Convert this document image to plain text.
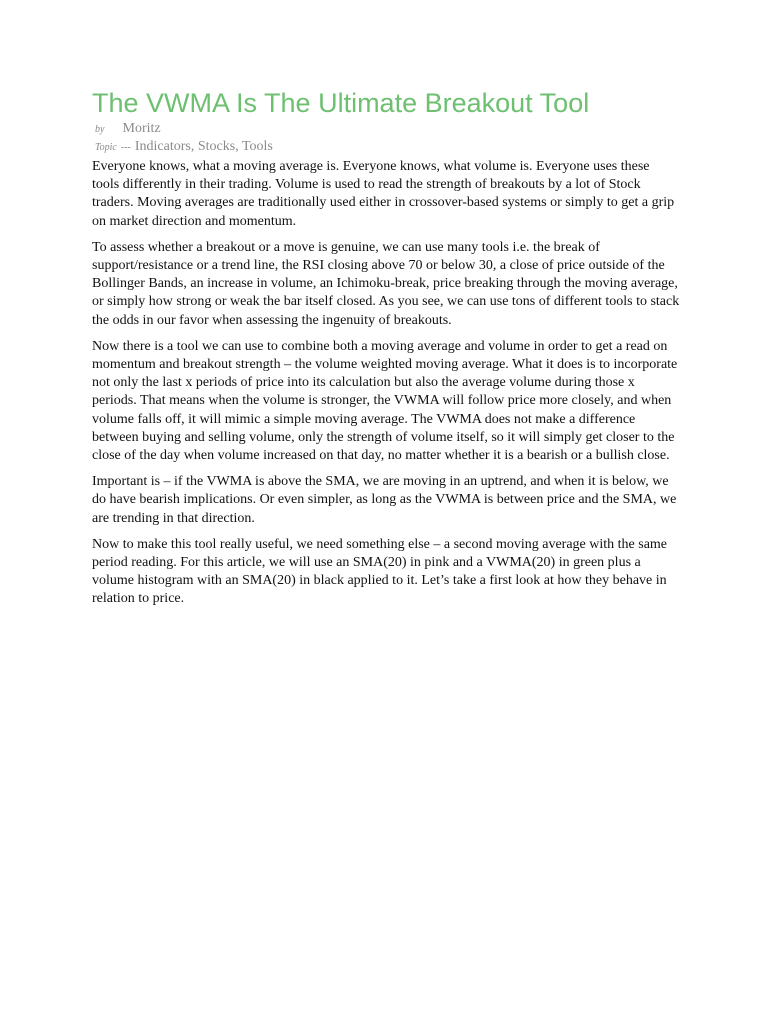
The VWMA Is The Ultimate Breakout Tool
by Moritz
Topic --- Indicators, Stocks, Tools

Everyone knows, what a moving average is. Everyone knows, what volume is. Everyone uses these tools differently in their trading. Volume is used to read the strength of breakouts by a lot of Stock traders. Moving averages are traditionally used either in crossover-based systems or simply to get a grip on market direction and momentum.

To assess whether a breakout or a move is genuine, we can use many tools i.e. the break of support/resistance or a trend line, the RSI closing above 70 or below 30, a close of price outside of the Bollinger Bands, an increase in volume, an Ichimoku-break, price breaking through the moving average, or simply how strong or weak the bar itself closed. As you see, we can use tons of different tools to stack the odds in our favor when assessing the ingenuity of breakouts.

Now there is a tool we can use to combine both a moving average and volume in order to get a read on momentum and breakout strength – the volume weighted moving average. What it does is to incorporate not only the last x periods of price into its calculation but also the average volume during those x periods. That means when the volume is stronger, the VWMA will follow price more closely, and when volume falls off, it will mimic a simple moving average. The VWMA does not make a difference between buying and selling volume, only the strength of volume itself, so it will simply get closer to the close of the day when volume increased on that day, no matter whether it is a bearish or a bullish close.

Important is – if the VWMA is above the SMA, we are moving in an uptrend, and when it is below, we do have bearish implications. Or even simpler, as long as the VWMA is between price and the SMA, we are trending in that direction.

Now to make this tool really useful, we need something else – a second moving average with the same period reading. For this article, we will use an SMA(20) in pink and a VWMA(20) in green plus a volume histogram with an SMA(20) in black applied to it. Let’s take a first look at how they behave in relation to price.
